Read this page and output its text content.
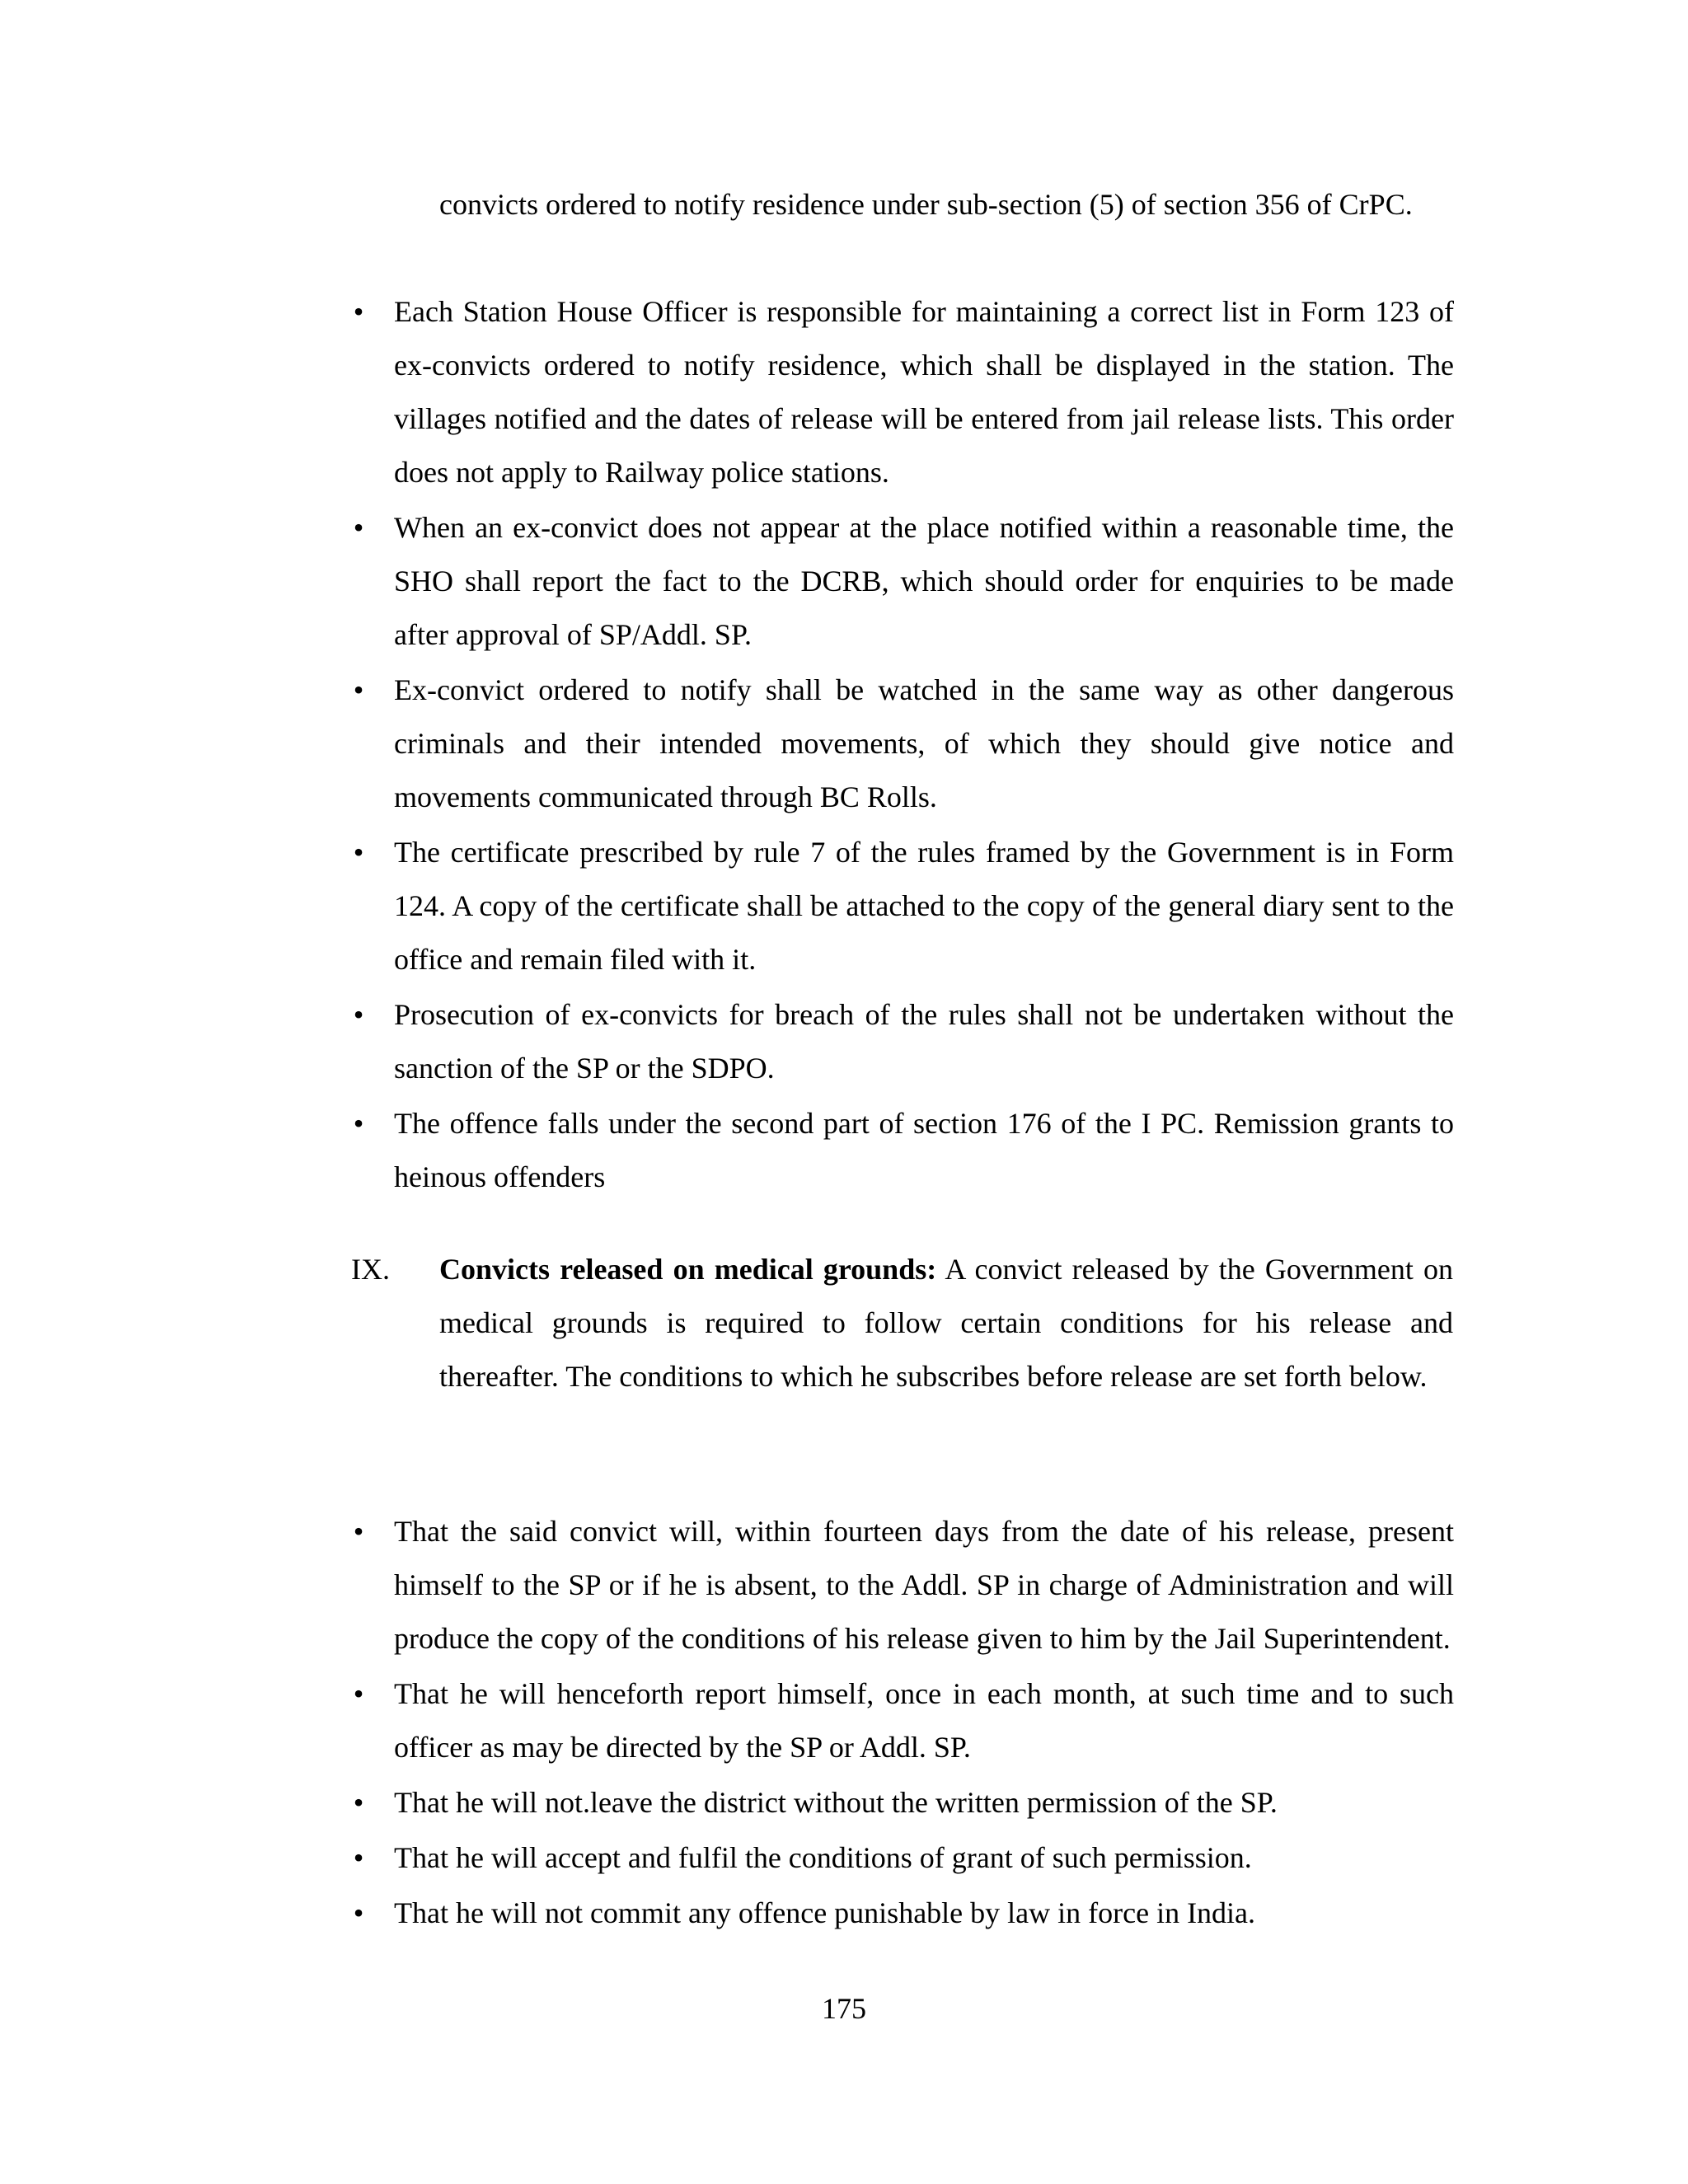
convicts ordered to notify residence under sub-section (5) of section 356 of CrPC.

• Each Station House Officer is responsible for maintaining a correct list in Form 123 of ex-convicts ordered to notify residence, which shall be displayed in the station. The villages notified and the dates of release will be entered from jail release lists. This order does not apply to Railway police stations.
• When an ex-convict does not appear at the place notified within a reasonable time, the SHO shall report the fact to the DCRB, which should order for enquiries to be made after approval of SP/Addl. SP.
• Ex-convict ordered to notify shall be watched in the same way as other dangerous criminals and their intended movements, of which they should give notice and movements communicated through BC Rolls.
• The certificate prescribed by rule 7 of the rules framed by the Government is in Form 124. A copy of the certificate shall be attached to the copy of the general diary sent to the office and remain filed with it.
• Prosecution of ex-convicts for breach of the rules shall not be undertaken without the sanction of the SP or the SDPO.
• The offence falls under the second part of section 176 of the I PC. Remission grants to heinous offenders

IX. Convicts released on medical grounds: A convict released by the Government on medical grounds is required to follow certain conditions for his release and thereafter. The conditions to which he subscribes before release are set forth below.

• That the said convict will, within fourteen days from the date of his release, present himself to the SP or if he is absent, to the Addl. SP in charge of Administration and will produce the copy of the conditions of his release given to him by the Jail Superintendent.
• That he will henceforth report himself, once in each month, at such time and to such officer as may be directed by the SP or Addl. SP.
• That he will not.leave the district without the written permission of the SP.
• That he will accept and fulfil the conditions of grant of such permission.
• That he will not commit any offence punishable by law in force in India.

175
